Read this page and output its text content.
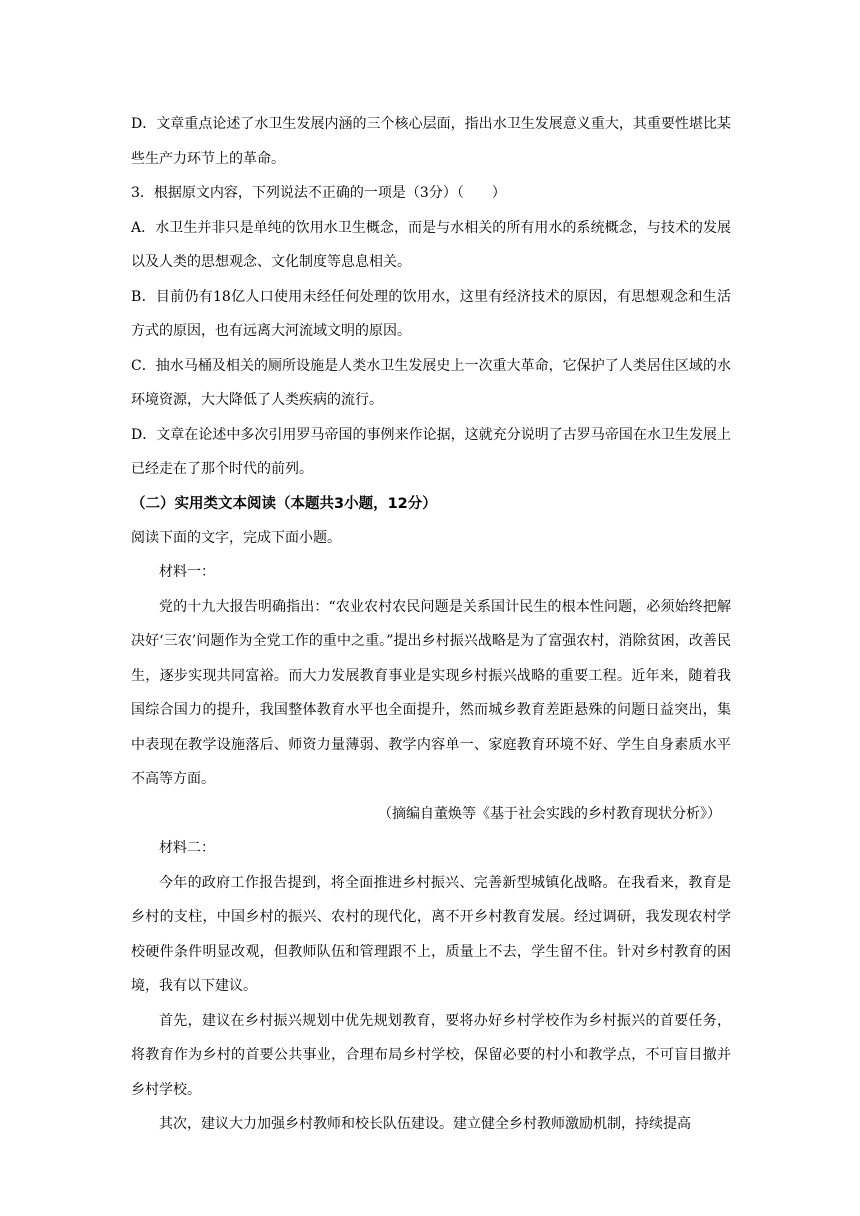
D．文章重点论述了水卫生发展内涵的三个核心层面，指出水卫生发展意义重大，其重要性堪比某些生产力环节上的革命。

3．根据原文内容，下列说法不正确的一项是（3分）（　　）

A．水卫生并非只是单纯的饮用水卫生概念，而是与水相关的所有用水的系统概念，与技术的发展以及人类的思想观念、文化制度等息息相关。

B．目前仍有18亿人口使用未经任何处理的饮用水，这里有经济技术的原因，有思想观念和生活方式的原因，也有远离大河流域文明的原因。

C．抽水马桶及相关的厕所设施是人类水卫生发展史上一次重大革命，它保护了人类居住区域的水环境资源，大大降低了人类疾病的流行。

D．文章在论述中多次引用罗马帝国的事例来作论据，这就充分说明了古罗马帝国在水卫生发展上已经走在了那个时代的前列。

（二）实用类文本阅读（本题共3小题，12分）

阅读下面的文字，完成下面小题。

材料一：

党的十九大报告明确指出：“农业农村农民问题是关系国计民生的根本性问题，必须始终把解决好‘三农’问题作为全党工作的重中之重。”提出乡村振兴战略是为了富强农村，消除贫困，改善民生，逐步实现共同富裕。而大力发展教育事业是实现乡村振兴战略的重要工程。近年来，随着我国综合国力的提升，我国整体教育水平也全面提升，然而城乡教育差距悬殊的问题日益突出，集中表现在教学设施落后、师资力量薄弱、教学内容单一、家庭教育环境不好、学生自身素质水平不高等方面。

（摘编自董焕等《基于社会实践的乡村教育现状分析》）

材料二：

今年的政府工作报告提到，将全面推进乡村振兴、完善新型城镇化战略。在我看来，教育是乡村的支柱，中国乡村的振兴、农村的现代化，离不开乡村教育发展。经过调研，我发现农村学校硬件条件明显改观，但教师队伍和管理跟不上，质量上不去，学生留不住。针对乡村教育的困境，我有以下建议。

首先，建议在乡村振兴规划中优先规划教育，要将办好乡村学校作为乡村振兴的首要任务，将教育作为乡村的首要公共事业，合理布局乡村学校，保留必要的村小和教学点，不可盲目撤并乡村学校。

其次，建议大力加强乡村教师和校长队伍建设。建立健全乡村教师激励机制，持续提高
